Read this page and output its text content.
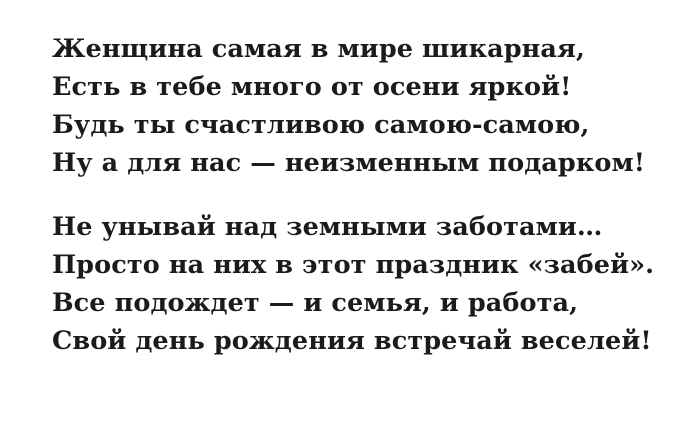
Женщина самая в мире шикарная,
Есть в тебе много от осени яркой!
Будь ты счастливою самою-самою,
Ну а для нас — неизменным подарком!
Не унывай над земными заботами…
Просто на них в этот праздник «забей».
Все подождет — и семья, и работа,
Свой день рождения встречай веселей!
